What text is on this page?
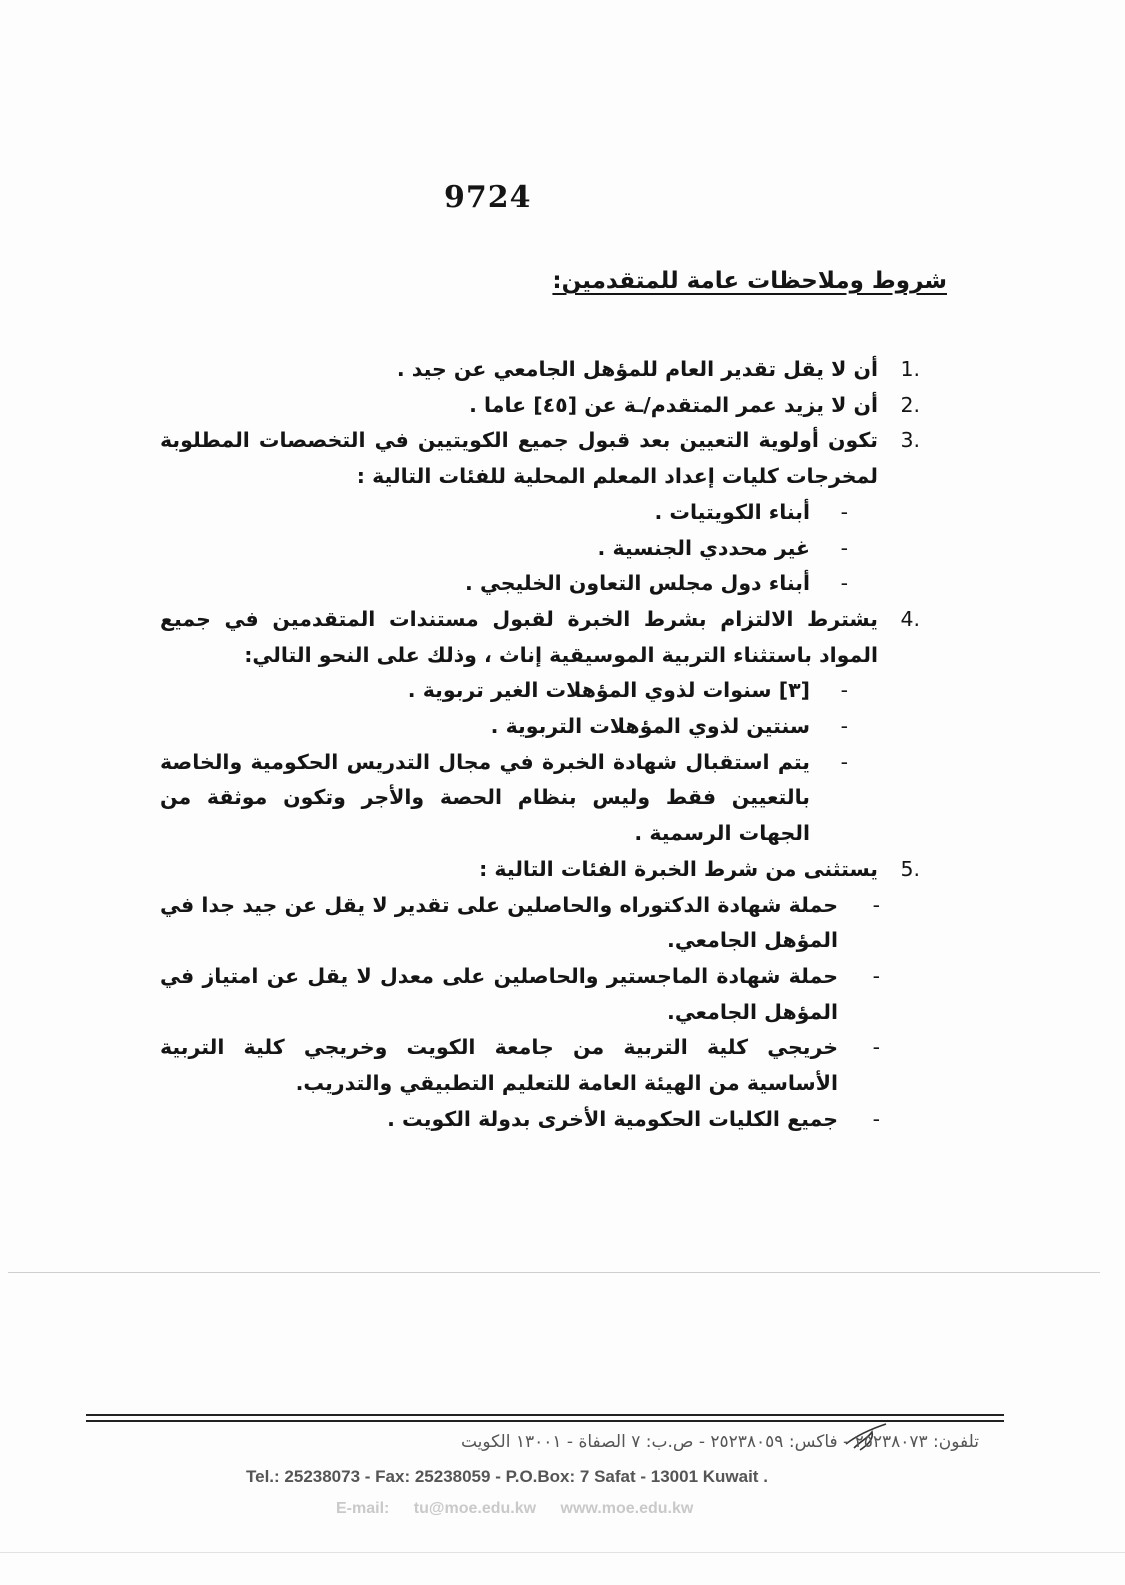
9724
شروط وملاحظات عامة للمتقدمين:
1.
أن لا يقل تقدير العام للمؤهل الجامعي عن جيد .
2.
أن لا يزيد عمر المتقدم/ـة عن [٤٥] عاما .
3.
تكون أولوية التعيين بعد قبول جميع الكويتيين في التخصصات المطلوبة لمخرجات كليات إعداد المعلم المحلية للفئات التالية :
-
أبناء الكويتيات .
-
غير محددي الجنسية .
-
أبناء دول مجلس التعاون الخليجي .
4.
يشترط الالتزام بشرط الخبرة لقبول مستندات المتقدمين في جميع المواد باستثناء التربية الموسيقية إناث ، وذلك على النحو التالي:
-
[٣] سنوات لذوي المؤهلات الغير تربوية .
-
سنتين لذوي المؤهلات التربوية .
-
يتم استقبال شهادة الخبرة في مجال التدريس الحكومية والخاصة بالتعيين فقط وليس بنظام الحصة والأجر وتكون موثقة من الجهات الرسمية .
5.
يستثنى من شرط الخبرة الفئات التالية :
-
حملة شهادة الدكتوراه والحاصلين على تقدير لا يقل عن جيد جدا في المؤهل الجامعي.
-
حملة شهادة الماجستير والحاصلين على معدل لا يقل عن امتياز في المؤهل الجامعي.
-
خريجي كلية التربية من جامعة الكويت وخريجي كلية التربية الأساسية من الهيئة العامة للتعليم التطبيقي والتدريب.
-
جميع الكليات الحكومية الأخرى بدولة الكويت .
تلفون: ٢٥٢٣٨٠٧٣ - فاكس: ٢٥٢٣٨٠٥٩ - ص.ب: ٧ الصفاة - ١٣٠٠١ الكويت
Tel.: 25238073 - Fax: 25238059 - P.O.Box: 7 Safat - 13001 Kuwait .
E-mail: tu@moe.edu.kw www.moe.edu.kw
